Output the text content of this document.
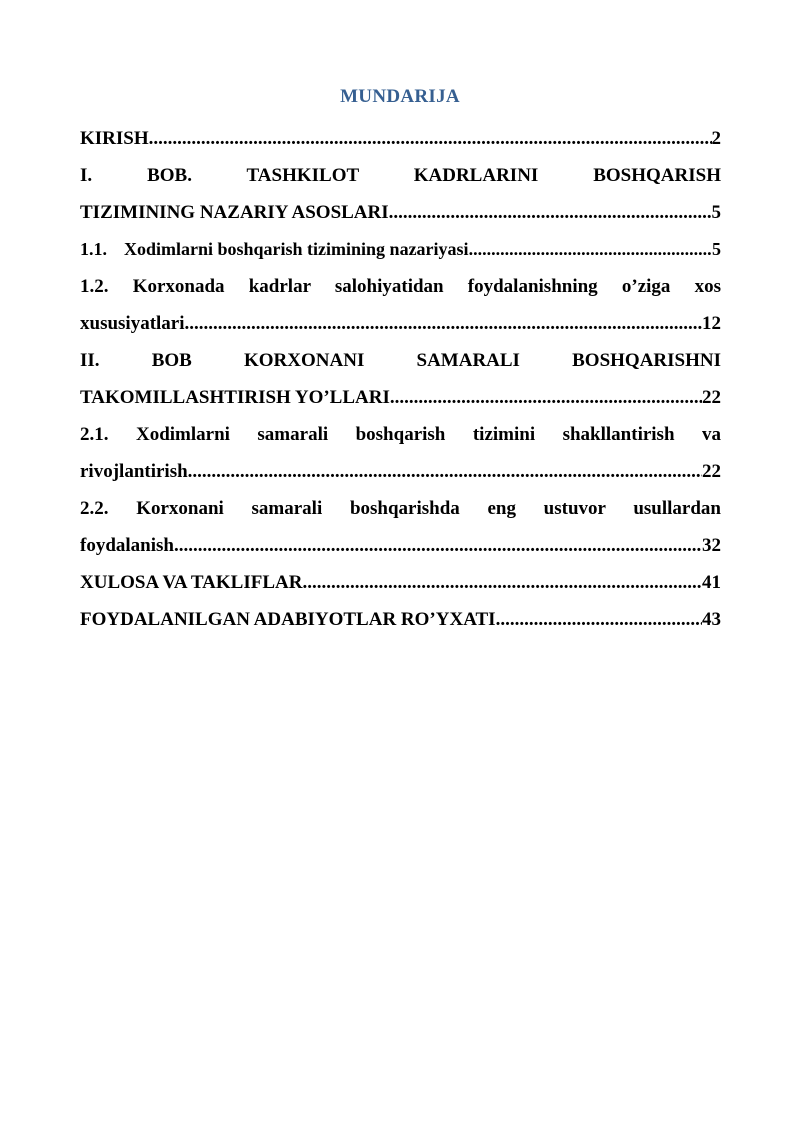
MUNDARIJA
KIRISH .....	2
I. BOB. TASHKILOT KADRLARINI BOSHQARISH
TIZIMINING NAZARIY ASOSLARI .....	5
1.1. Xodimlarni boshqarish tizimining nazariyasi .....	5
1.2. Korxonada kadrlar salohiyatidan foydalanishning o’ziga xos
xususiyatlari .....	12
II. BOB KORXONANI SAMARALI BOSHQARISHNI
TAKOMILLASHTIRISH YO’LLARI .....	22
2.1. Xodimlarni samarali boshqarish tizimini shakllantirish va
rivojlantirish .....	22
2.2. Korxonani samarali boshqarishda eng ustuvor usullardan
foydalanish .....	32
XULOSA VA TAKLIFLAR .....	41
FOYDALANILGAN ADABIYOTLAR RO’YXATI .....	43
